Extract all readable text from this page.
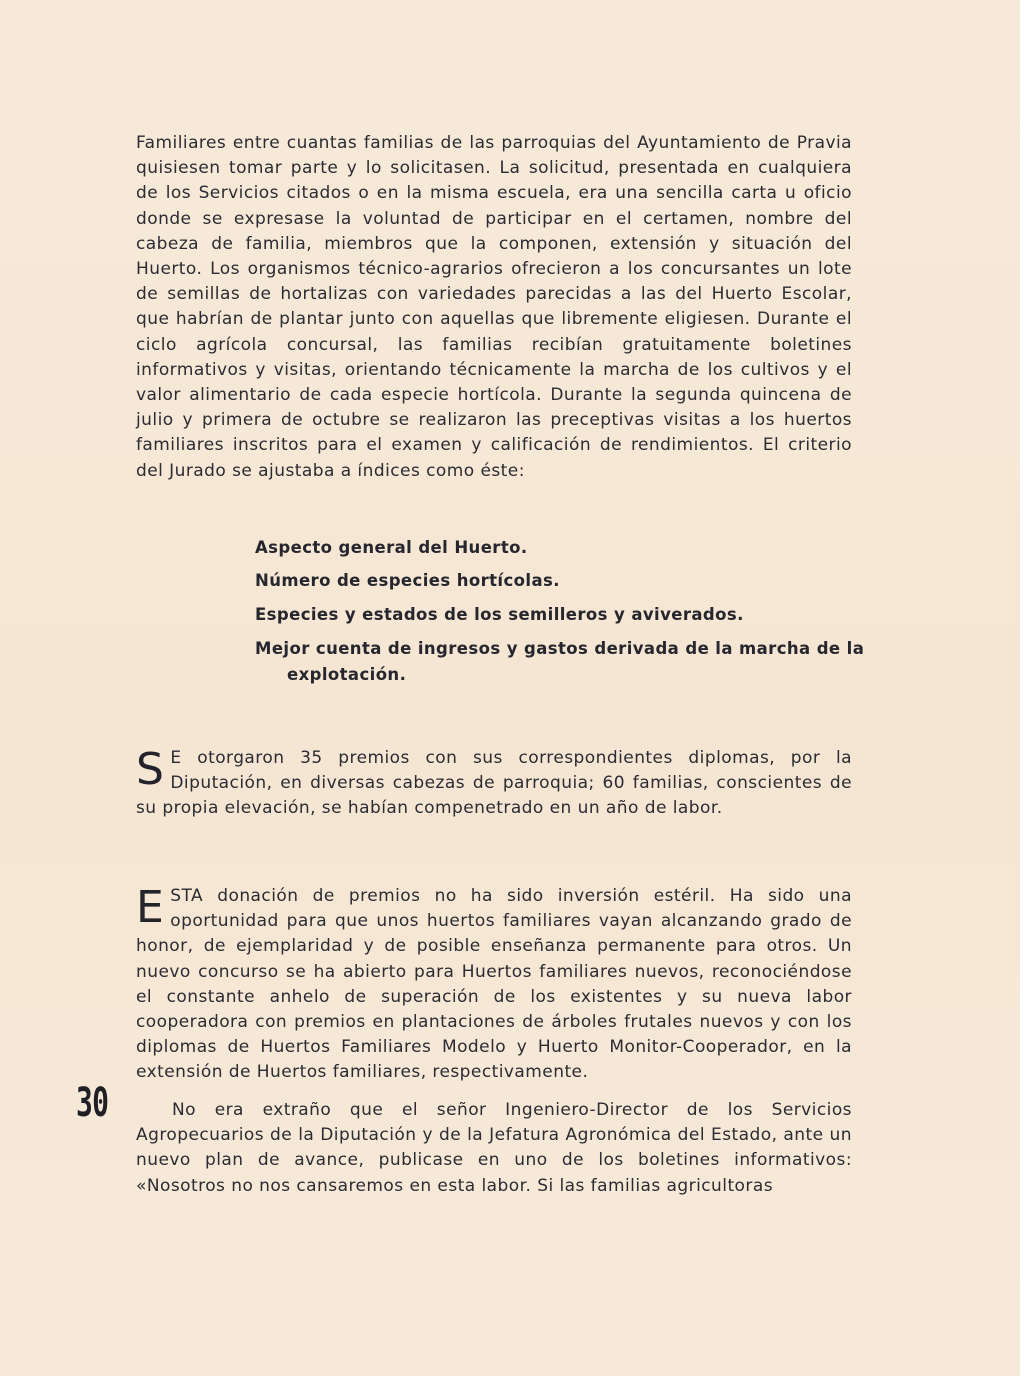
Familiares entre cuantas familias de las parroquias del Ayuntamiento de Pravia quisiesen tomar parte y lo solicitasen. La solicitud, presentada en cualquiera de los Servicios citados o en la misma escuela, era una sencilla carta u oficio donde se expresase la voluntad de participar en el certamen, nombre del cabeza de familia, miembros que la componen, extensión y situación del Huerto. Los organismos técnico-agrarios ofrecieron a los concursantes un lote de semillas de hortalizas con variedades parecidas a las del Huerto Escolar, que habrían de plantar junto con aquellas que libremente eligiesen. Durante el ciclo agrícola concursal, las familias recibían gratuitamente boletines informativos y visitas, orientando técnicamente la marcha de los cultivos y el valor alimentario de cada especie hortícola. Durante la segunda quincena de julio y primera de octubre se realizaron las preceptivas visitas a los huertos familiares inscritos para el examen y calificación de rendimientos. El criterio del Jurado se ajustaba a índices como éste:

Aspecto general del Huerto.

Número de especies hortícolas.

Especies y estados de los semilleros y aviverados.

Mejor cuenta de ingresos y gastos derivada de la marcha de la explotación.

S E otorgaron 35 premios con sus correspondientes diplomas, por la Diputación, en diversas cabezas de parroquia; 60 familias, conscientes de su propia elevación, se habían compenetrado en un año de labor.

E STA donación de premios no ha sido inversión estéril. Ha sido una oportunidad para que unos huertos familiares vayan alcanzando grado de honor, de ejemplaridad y de posible enseñanza permanente para otros. Un nuevo concurso se ha abierto para Huertos familiares nuevos, reconociéndose el constante anhelo de superación de los existentes y su nueva labor cooperadora con premios en plantaciones de árboles frutales nuevos y con los diplomas de Huertos Familiares Modelo y Huerto Monitor-Cooperador, en la extensión de Huertos familiares, respectivamente.

30	No era extraño que el señor Ingeniero-Director de los Servicios Agropecuarios de la Diputación y de la Jefatura Agronómica del Estado, ante un nuevo plan de avance, publicase en uno de los boletines informativos: «Nosotros no nos cansaremos en esta labor. Si las familias agricultoras
